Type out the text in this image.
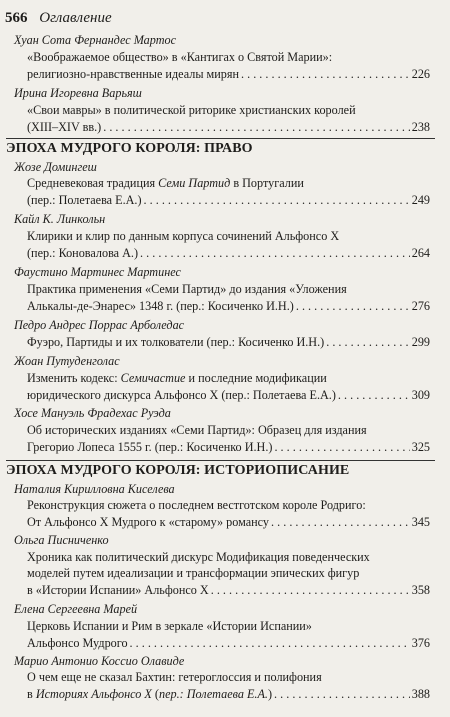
566 Оглавление
Хуан Сота Фернандес Мартос
«Воображаемое общество» в «Кантигах о Святой Марии»:
религиозно-нравственные идеалы мирян . . .	226
Ирина Игоревна Варьяш
«Свои мавры» в политической риторике христианских королей
(XIII–XIV вв.) . . .	238
ЭПОХА МУДРОГО КОРОЛЯ: ПРАВО
Жозе Домингеш
Средневековая традиция Семи Партид в Португалии
(пер.: Полетаева Е.А.) . . .	249
Кайл К. Линкольн
Клирики и клир по данным корпуса сочинений Альфонсо X
(пер.: Коновалова А.) . . .	264
Фаустино Мартинес Мартинес
Практика применения «Семи Партид» до издания «Уложения
Алькалы-де-Энарес» 1348 г. (пер.: Косиченко И.Н.) . . .	276
Педро Андрес Поррас Арболедас
Фуэро, Партиды и их толкователи (пер.: Косиченко И.Н.) . . .	299
Жоан Путуденголас
Изменить кодекс: Семичастие и последние модификации
юридического дискурса Альфонсо X (пер.: Полетаева Е.А.) . . .	309
Хосе Мануэль Фрадехас Руэда
Об исторических изданиях «Семи Партид»: Образец для издания
Грегорио Лопеса 1555 г. (пер.: Косиченко И.Н.) . . .	325
ЭПОХА МУДРОГО КОРОЛЯ: ИСТОРИОПИСАНИЕ
Наталия Кирилловна Киселева
Реконструкция сюжета о последнем вестготском короле Родриго:
От Альфонсо X Мудрого к «старому» романсу . . .	345
Ольга Писниченко
Хроника как политический дискурс Модификация поведенческих
моделей путем идеализации и трансформации эпических фигур
в «Истории Испании» Альфонсо X . . .	358
Елена Сергеевна Марей
Церковь Испании и Рим в зеркале «Истории Испании»
Альфонсо Мудрого . . .	376
Марио Антонио Коссио Олавиде
О чем еще не сказал Бахтин: гетероглоссия и полифония
в Историях Альфонсо X (пер.: Полетаева Е.А.) . . .	388
